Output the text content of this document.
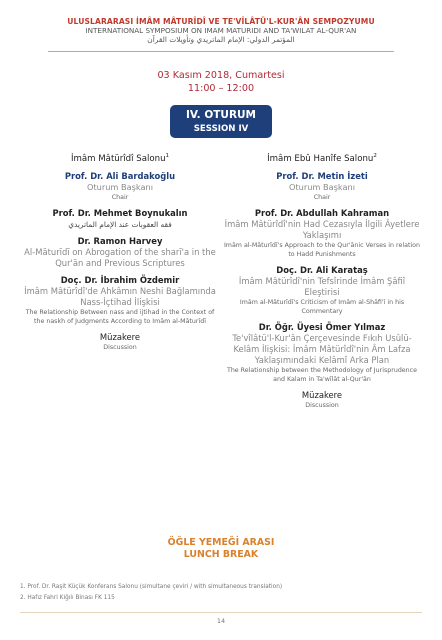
ULUSLARARASI İMÂM MÂTURÎDÎ VE TE'VÎLÂTÜ'L-KUR'ÂN SEMPOZYUMU
INTERNATIONAL SYMPOSIUM ON IMAM MATURIDI AND TA'WILAT AL-QUR'AN
المؤتمر الدولي: الإمام الماتريدي وتأويلات القرآن
03 Kasım 2018, Cumartesi
11:00 – 12:00
IV. OTURUM
SESSION IV
İmâm Mâtürîdî Salonu$^1$
Prof. Dr. Ali Bardakoğlu
Oturum Başkanı
Chair
Prof. Dr. Mehmet Boynukalın
فقه العقوبات عند الإمام الماتريدي
Dr. Ramon Harvey
Al-Māturīdī on Abrogation of the sharī'a in the Qur'ān and Previous Scriptures
Doç. Dr. İbrahim Özdemir
İmâm Mâtürîdî'de Ahkâmın Neshi Bağlamında Nass-İçtihad İlişkisi
The Relationship Between nass and ijtihad in the Context of the naskh of Judgments According to Imām al-Māturīdī
Müzakere
Discussion
İmâm Ebû Hanîfe Salonu$^2$
Prof. Dr. Metin İzeti
Oturum Başkanı
Chair
Prof. Dr. Abdullah Kahraman
İmâm Mâtürîdî'nin Had Cezasıyla İlgili Âyetlere Yaklaşımı
Imām al-Māturīdī's Approach to the Qur'ānic Verses in relation to Hadd Punishments
Doç. Dr. Ali Karataş
İmâm Mâtürîdî'nin Tefsîrinde İmâm Şâfiî Eleştirisi
Imām al-Māturīdī's Criticism of Imām al-Shāfi'ī in his Commentary
Dr. Öğr. Üyesi Ömer Yılmaz
Te'vîlâtü'l-Kur'ân Çerçevesinde Fıkıh Usûlü-Kelâm İlişkisi: İmâm Mâtürîdî'nin Âm Lafza Yaklaşımındaki Kelâmî Arka Plan
The Relationship between the Methodology of Jurisprudence and Kalam in Ta'wīlāt al-Qur'ān
Müzakere
Discussion
ÖĞLE YEMEĞİ ARASI
LUNCH BREAK
1. Prof. Dr. Raşit Küçük Konferans Salonu (simultane çeviri / with simultaneous translation)
2. Hafız Fahri Kiğılı Binası FK 115
14
